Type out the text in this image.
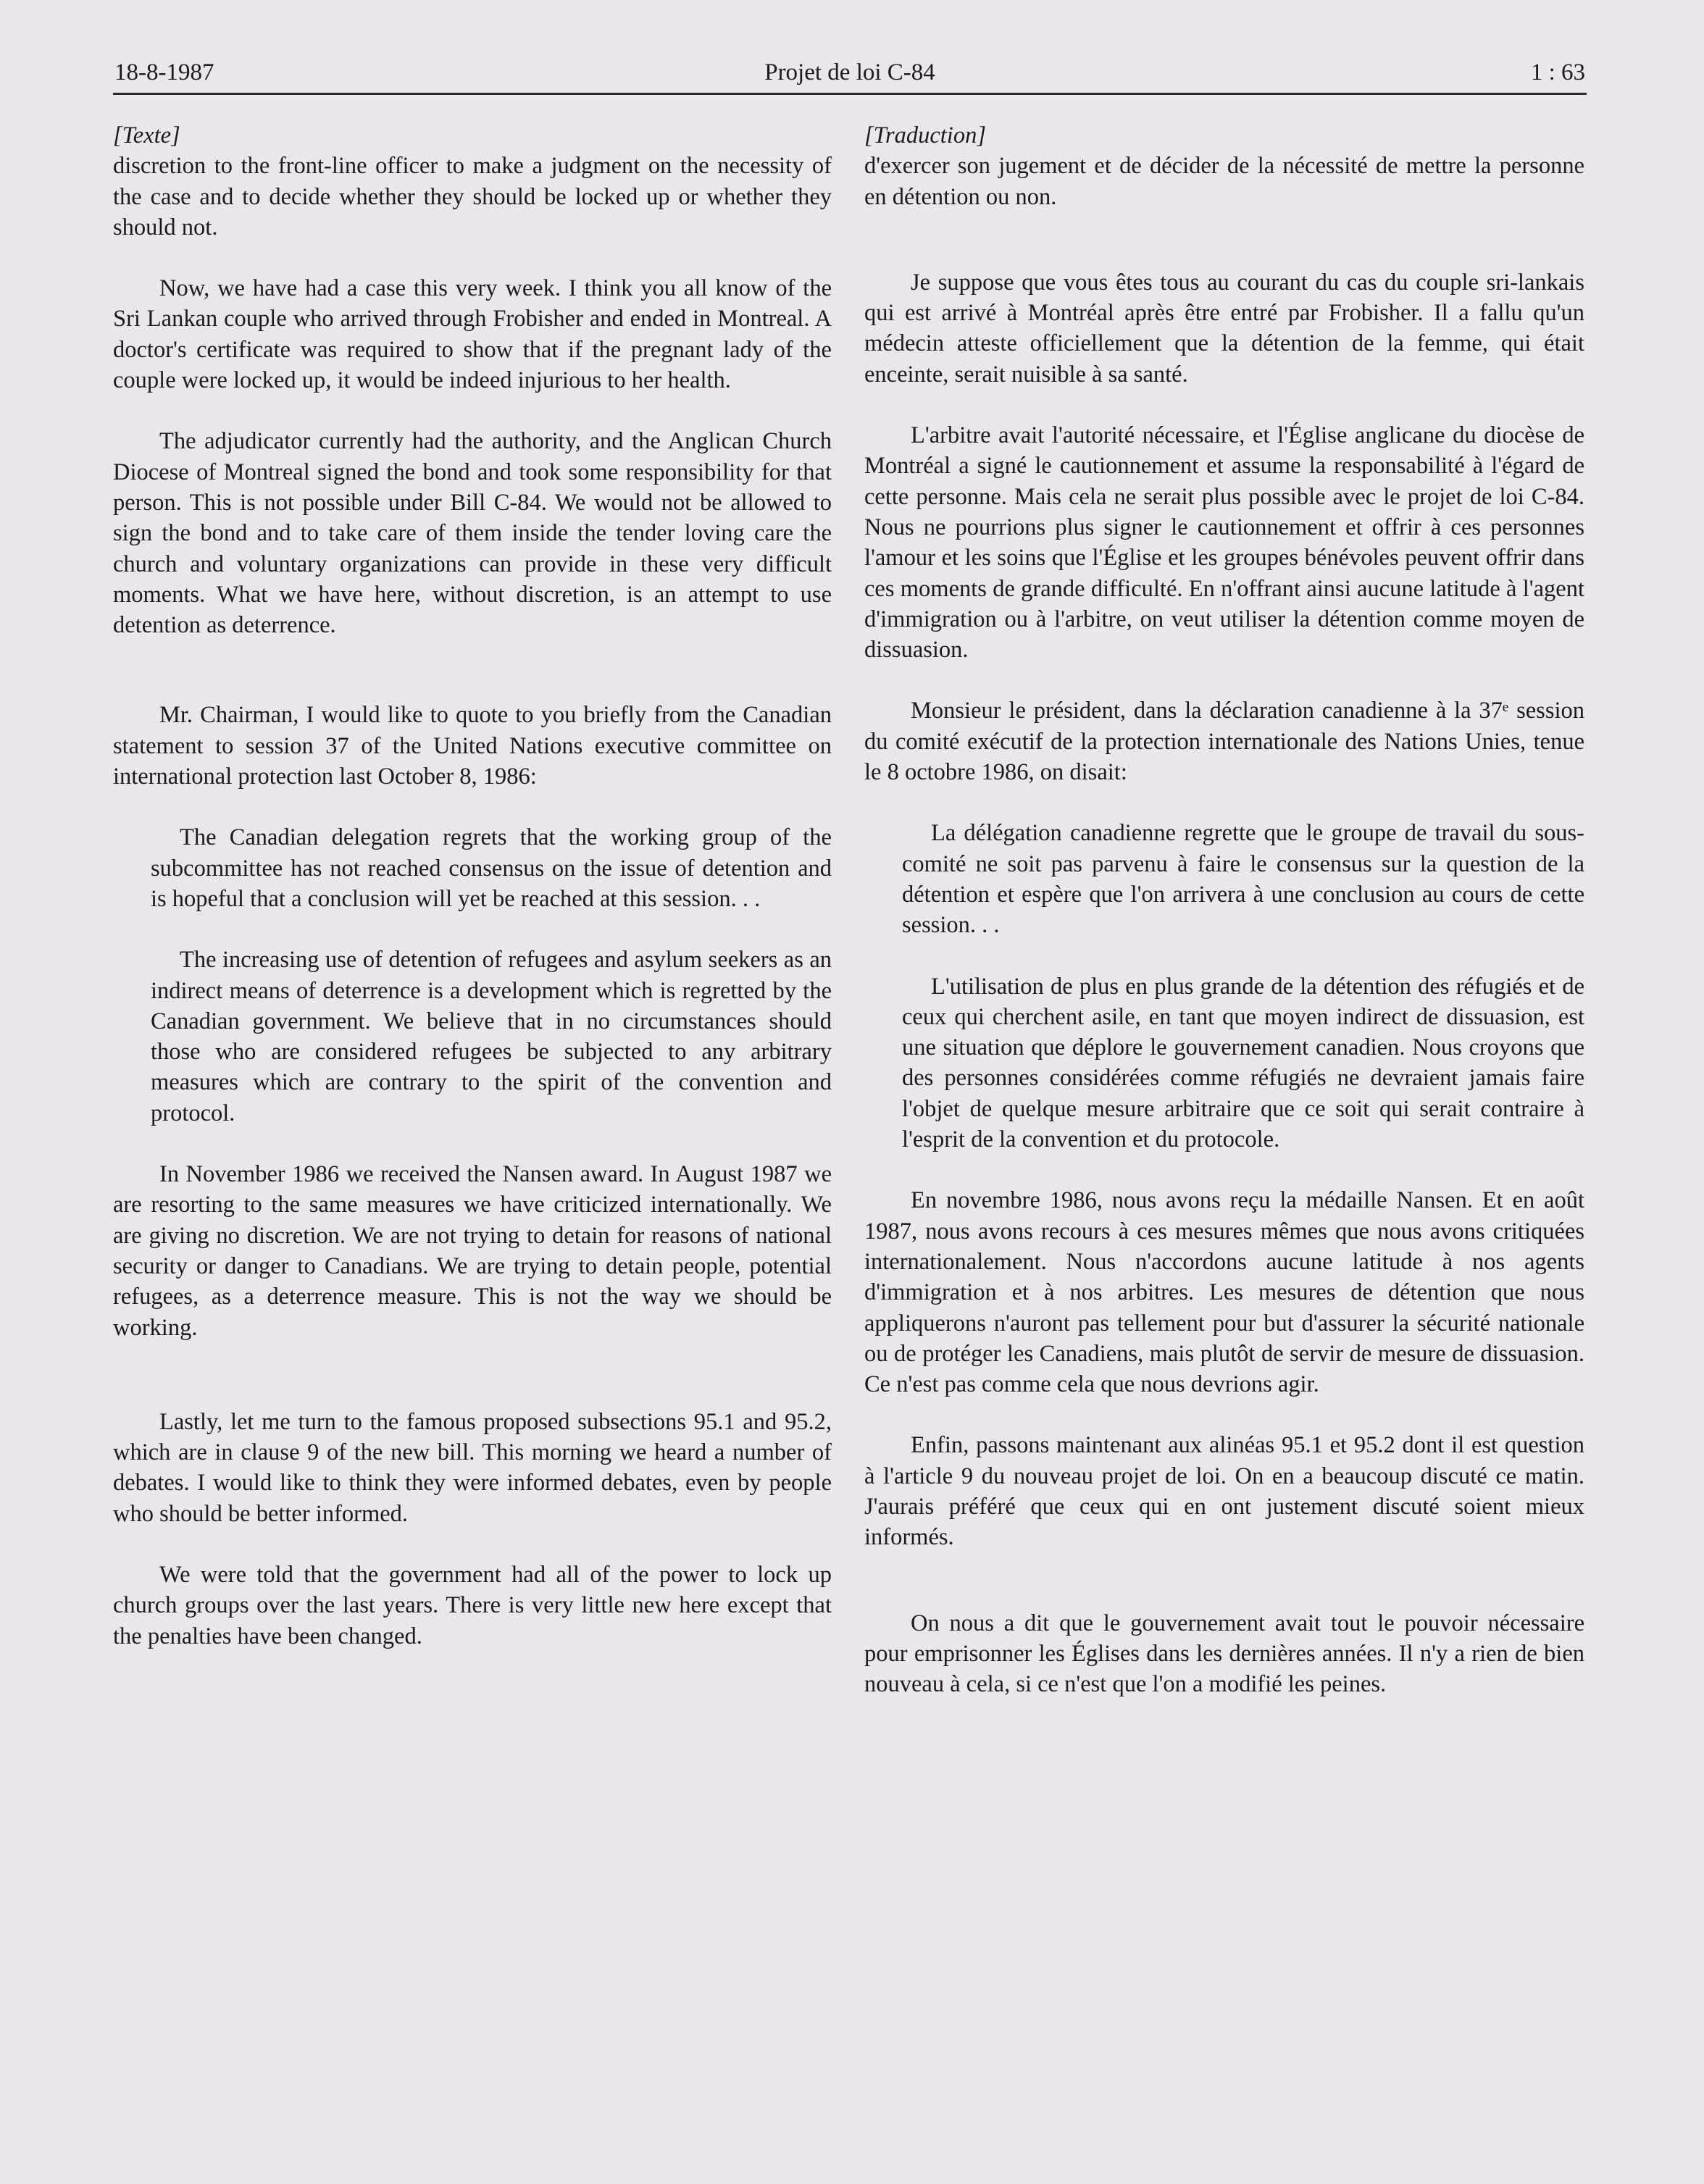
18-8-1987	Projet de loi C-84	1 : 63
[Texte]

discretion to the front-line officer to make a judgment on the necessity of the case and to decide whether they should be locked up or whether they should not.

Now, we have had a case this very week. I think you all know of the Sri Lankan couple who arrived through Frobisher and ended in Montreal. A doctor's certificate was required to show that if the pregnant lady of the couple were locked up, it would be indeed injurious to her health.

The adjudicator currently had the authority, and the Anglican Church Diocese of Montreal signed the bond and took some responsibility for that person. This is not possible under Bill C-84. We would not be allowed to sign the bond and to take care of them inside the tender loving care the church and voluntary organizations can provide in these very difficult moments. What we have here, without discretion, is an attempt to use detention as deterrence.

Mr. Chairman, I would like to quote to you briefly from the Canadian statement to session 37 of the United Nations executive committee on international protection last October 8, 1986:

The Canadian delegation regrets that the working group of the subcommittee has not reached consensus on the issue of detention and is hopeful that a conclusion will yet be reached at this session. . .

The increasing use of detention of refugees and asylum seekers as an indirect means of deterrence is a development which is regretted by the Canadian government. We believe that in no circumstances should those who are considered refugees be subjected to any arbitrary measures which are contrary to the spirit of the convention and protocol.

In November 1986 we received the Nansen award. In August 1987 we are resorting to the same measures we have criticized internationally. We are giving no discretion. We are not trying to detain for reasons of national security or danger to Canadians. We are trying to detain people, potential refugees, as a deterrence measure. This is not the way we should be working.

Lastly, let me turn to the famous proposed subsections 95.1 and 95.2, which are in clause 9 of the new bill. This morning we heard a number of debates. I would like to think they were informed debates, even by people who should be better informed.

We were told that the government had all of the power to lock up church groups over the last years. There is very little new here except that the penalties have been changed.

[Traduction]

d'exercer son jugement et de décider de la nécessité de mettre la personne en détention ou non.

Je suppose que vous êtes tous au courant du cas du couple sri-lankais qui est arrivé à Montréal après être entré par Frobisher. Il a fallu qu'un médecin atteste officiellement que la détention de la femme, qui était enceinte, serait nuisible à sa santé.

L'arbitre avait l'autorité nécessaire, et l'Église anglicane du diocèse de Montréal a signé le cautionnement et assume la responsabilité à l'égard de cette personne. Mais cela ne serait plus possible avec le projet de loi C-84. Nous ne pourrions plus signer le cautionnement et offrir à ces personnes l'amour et les soins que l'Église et les groupes bénévoles peuvent offrir dans ces moments de grande difficulté. En n'offrant ainsi aucune latitude à l'agent d'immigration ou à l'arbitre, on veut utiliser la détention comme moyen de dissuasion.

Monsieur le président, dans la déclaration canadienne à la 37ᵉ session du comité exécutif de la protection internationale des Nations Unies, tenue le 8 octobre 1986, on disait:

La délégation canadienne regrette que le groupe de travail du sous-comité ne soit pas parvenu à faire le consensus sur la question de la détention et espère que l'on arrivera à une conclusion au cours de cette session. . .

L'utilisation de plus en plus grande de la détention des réfugiés et de ceux qui cherchent asile, en tant que moyen indirect de dissuasion, est une situation que déplore le gouvernement canadien. Nous croyons que des personnes considérées comme réfugiés ne devraient jamais faire l'objet de quelque mesure arbitraire que ce soit qui serait contraire à l'esprit de la convention et du protocole.

En novembre 1986, nous avons reçu la médaille Nansen. Et en août 1987, nous avons recours à ces mesures mêmes que nous avons critiquées internationalement. Nous n'accordons aucune latitude à nos agents d'immigration et à nos arbitres. Les mesures de détention que nous appliquerons n'auront pas tellement pour but d'assurer la sécurité nationale ou de protéger les Canadiens, mais plutôt de servir de mesure de dissuasion. Ce n'est pas comme cela que nous devrions agir.

Enfin, passons maintenant aux alinéas 95.1 et 95.2 dont il est question à l'article 9 du nouveau projet de loi. On en a beaucoup discuté ce matin. J'aurais préféré que ceux qui en ont justement discuté soient mieux informés.

On nous a dit que le gouvernement avait tout le pouvoir nécessaire pour emprisonner les Églises dans les dernières années. Il n'y a rien de bien nouveau à cela, si ce n'est que l'on a modifié les peines.
